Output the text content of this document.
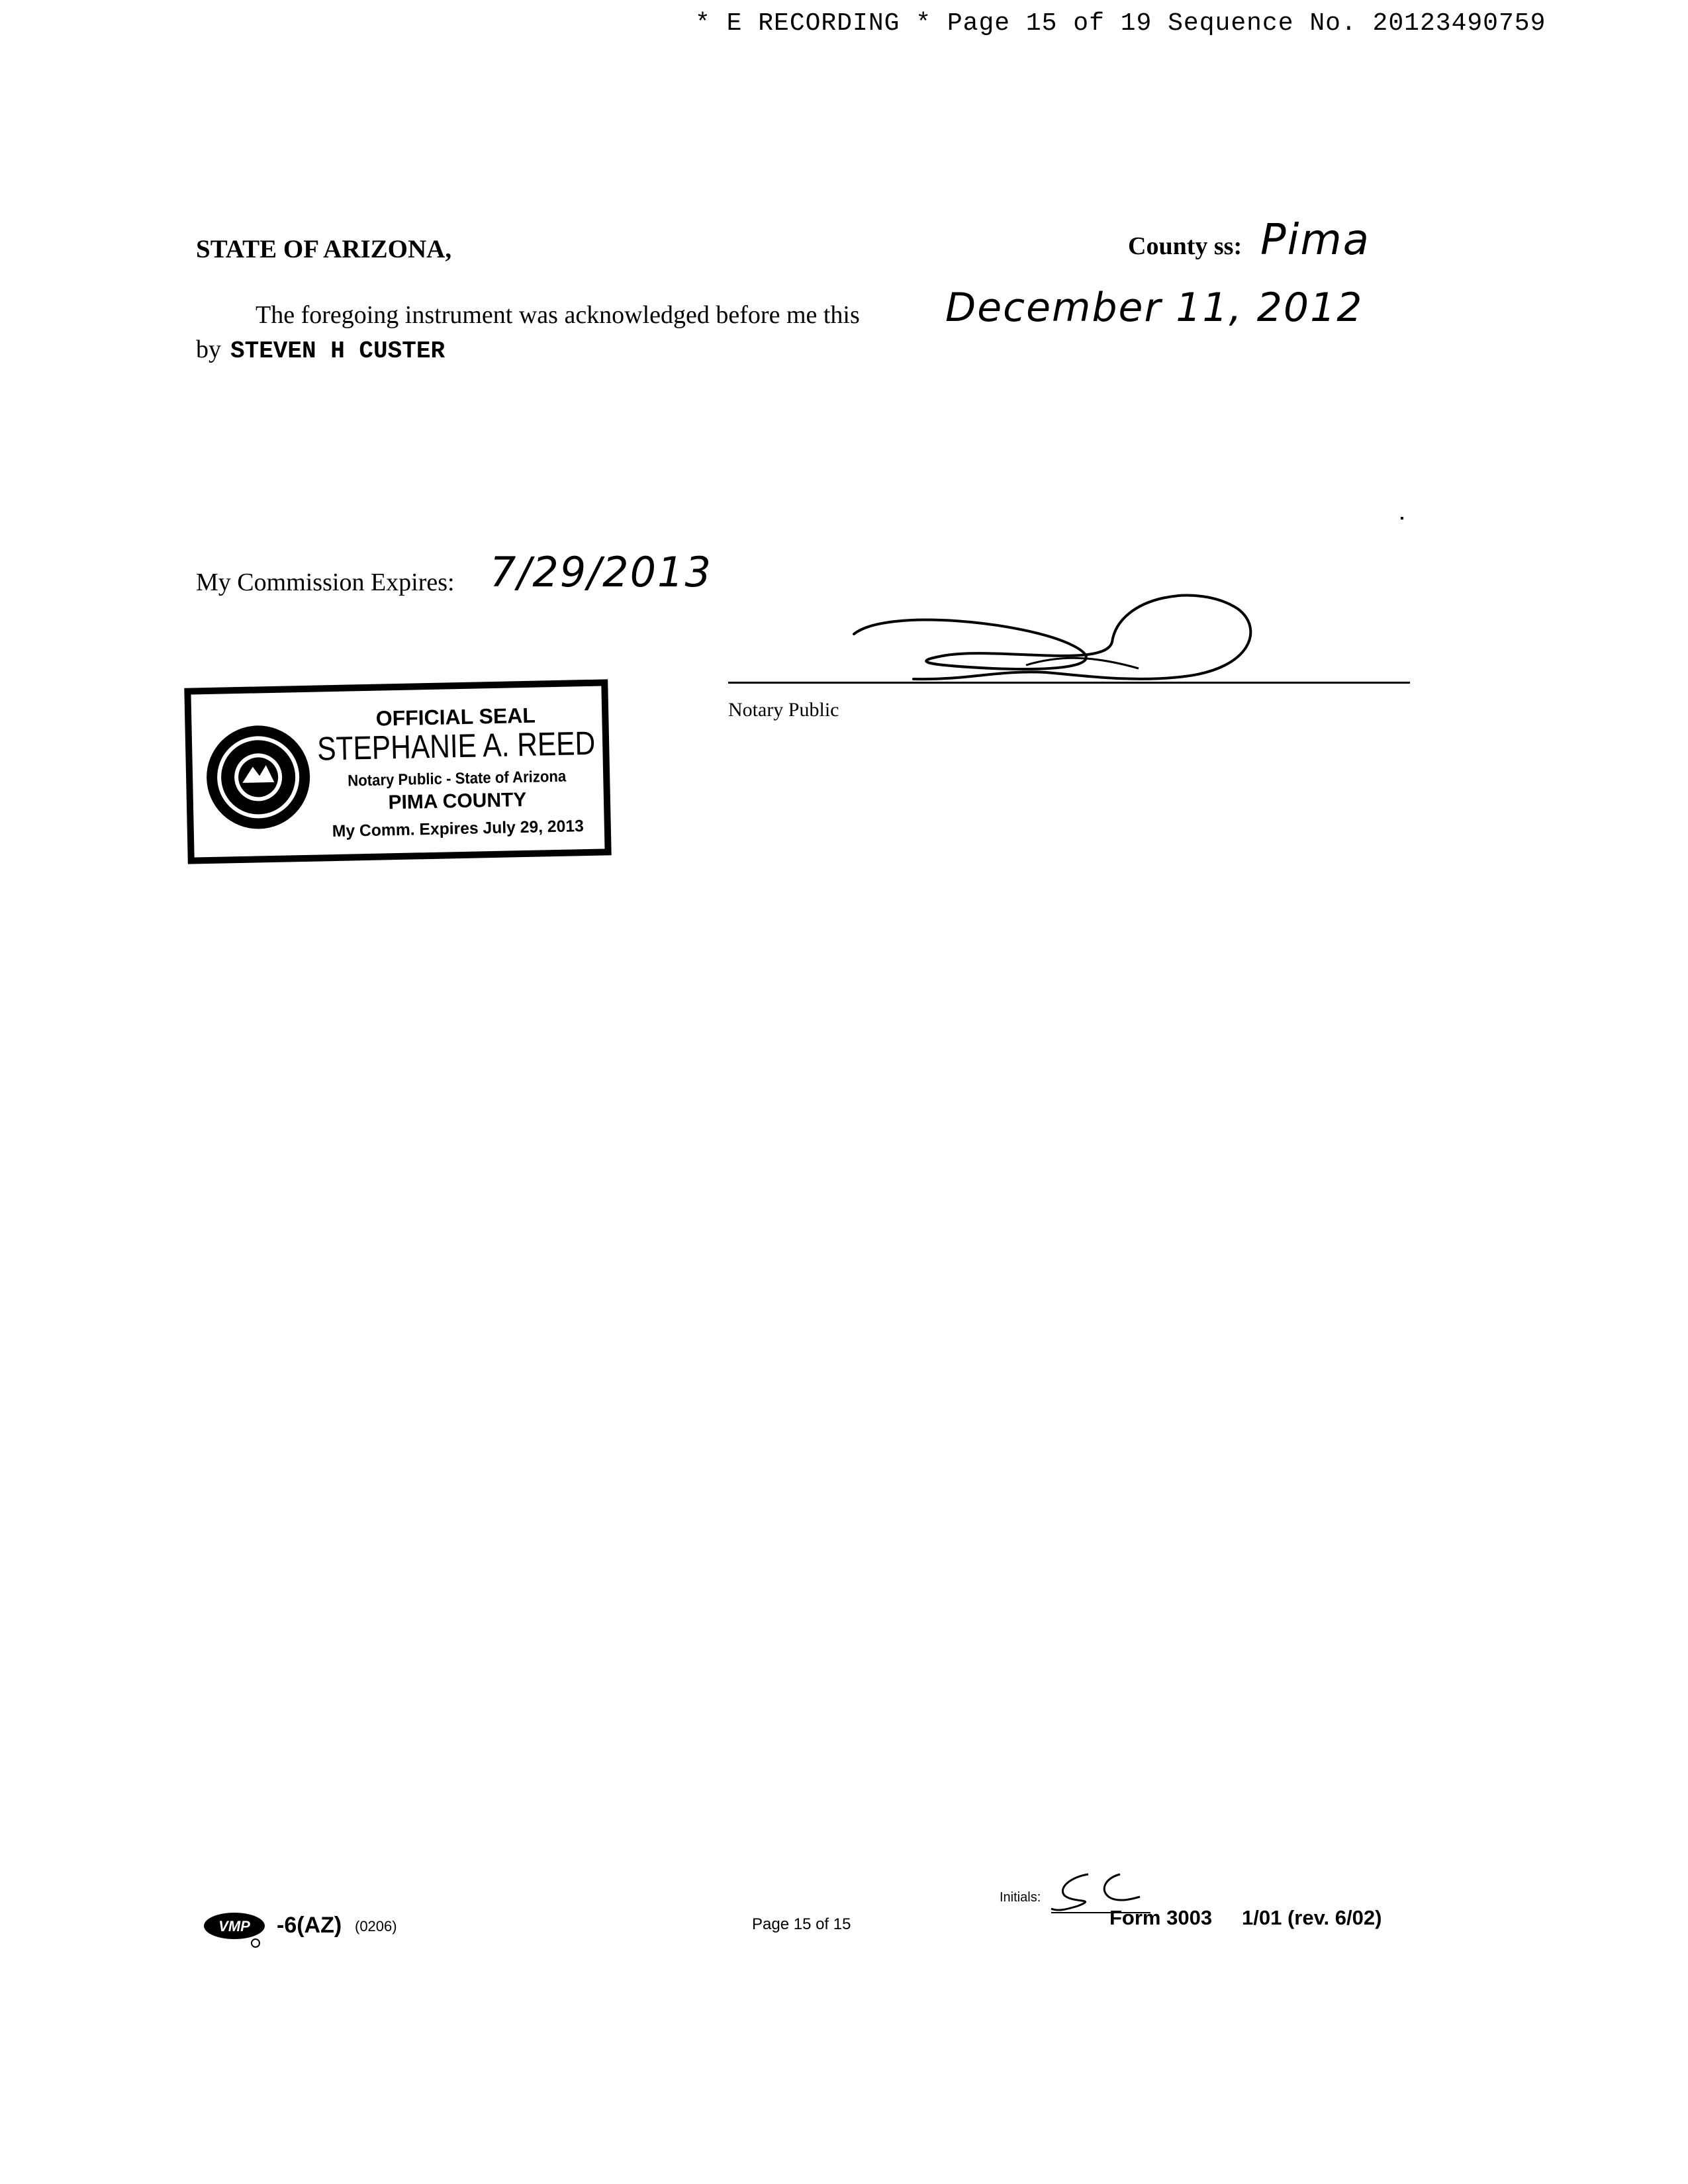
* E RECORDING * Page 15 of 19 Sequence No. 20123490759
STATE OF ARIZONA,	County ss: Pima
The foregoing instrument was acknowledged before me this December 11, 2012
by STEVEN H CUSTER
My Commission Expires: 7/29/2013
Notary Public
OFFICIAL SEAL
STEPHANIE A. REED
Notary Public - State of Arizona
PIMA COUNTY
My Comm. Expires July 29, 2013
VMP -6(AZ) (0206)	Page 15 of 15
Initials:
Form 3003 1/01 (rev. 6/02)
